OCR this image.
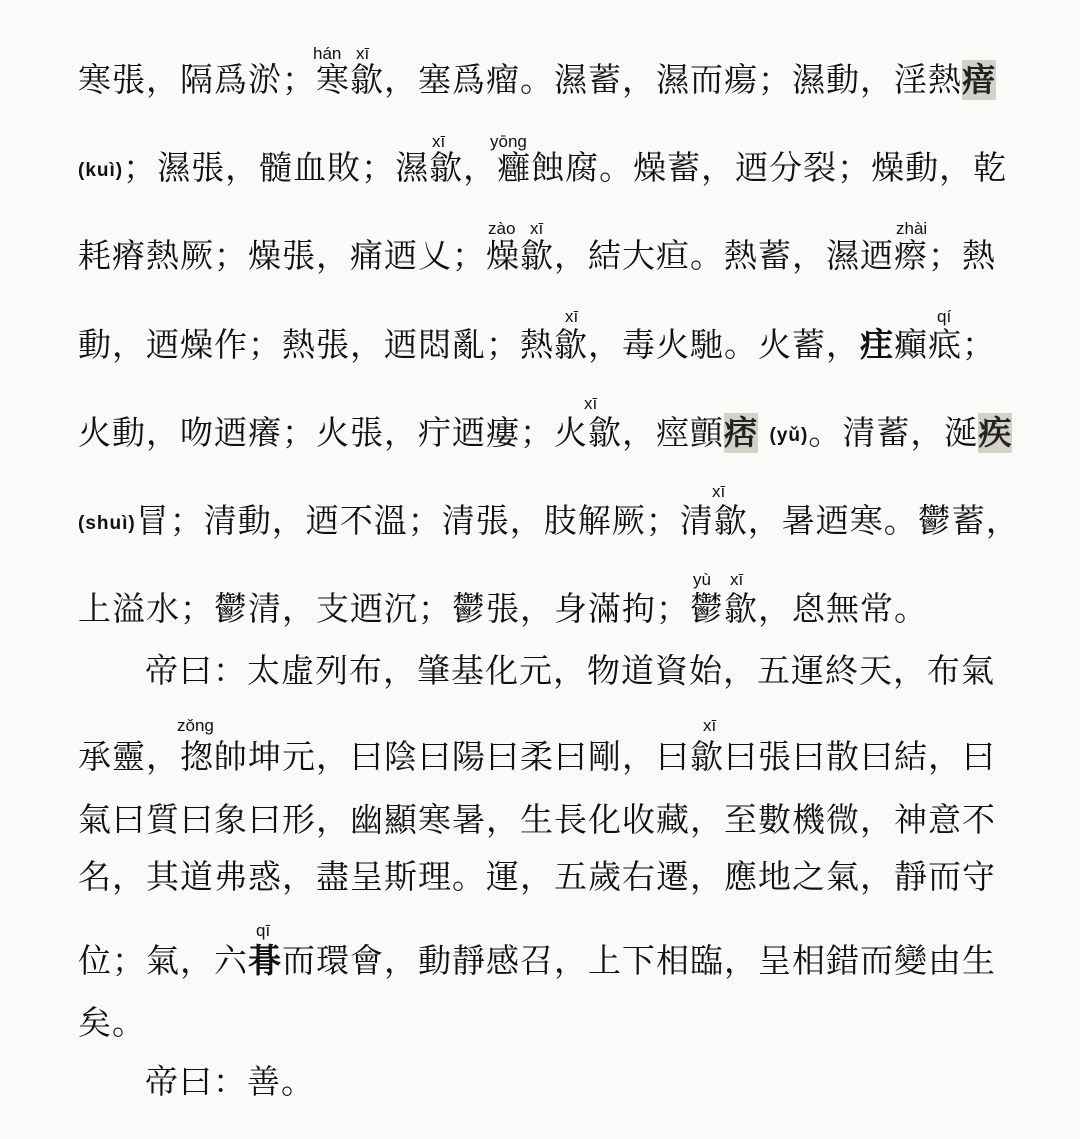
寒張，隔爲淤；寒歙，塞爲瘤。濕蓄，濕而瘍；濕動，淫熱瘖
hán xī
(kuì)；濕張，髓血敗；濕歙，癰蝕腐。燥蓄，迺分裂；燥動，乾
xī	yōng
耗瘠熱厥；燥張，痛迺乂；燥歙，結大疸。熱蓄，濕迺瘵；熱
zào xī	zhài
動，迺燥作；熱張，迺悶亂；熱歙，毒火馳。火蓄，疰癲疷；
xī	qí
火動，吻迺癢；火張，疔迺瘻；火歙，痙顫痞 (yǔ)。清蓄，涎疾
xī
(shuì)冒；清動，迺不溫；清張，肢解厥；清歙，暑迺寒。鬱蓄，
xī
上溢水；鬱清，支迺沉；鬱張，身滿拘；鬱歙，恖無常。
yù xī
帝曰：太虛列布，肇基化元，物道資始，五運終天，布氣
承靈，揔帥坤元，曰陰曰陽曰柔曰剛，曰歙曰張曰散曰結，曰
zǒng	xī
氣曰質曰象曰形，幽顯寒暑，生長化收藏，至數機微，神意不
名，其道弗惑，盡呈斯理。運，五歲右遷，應地之氣，靜而守
位；氣，六朞而環會，動靜感召，上下相臨，呈相錯而變由生
qī
矣。
帝曰：善。
